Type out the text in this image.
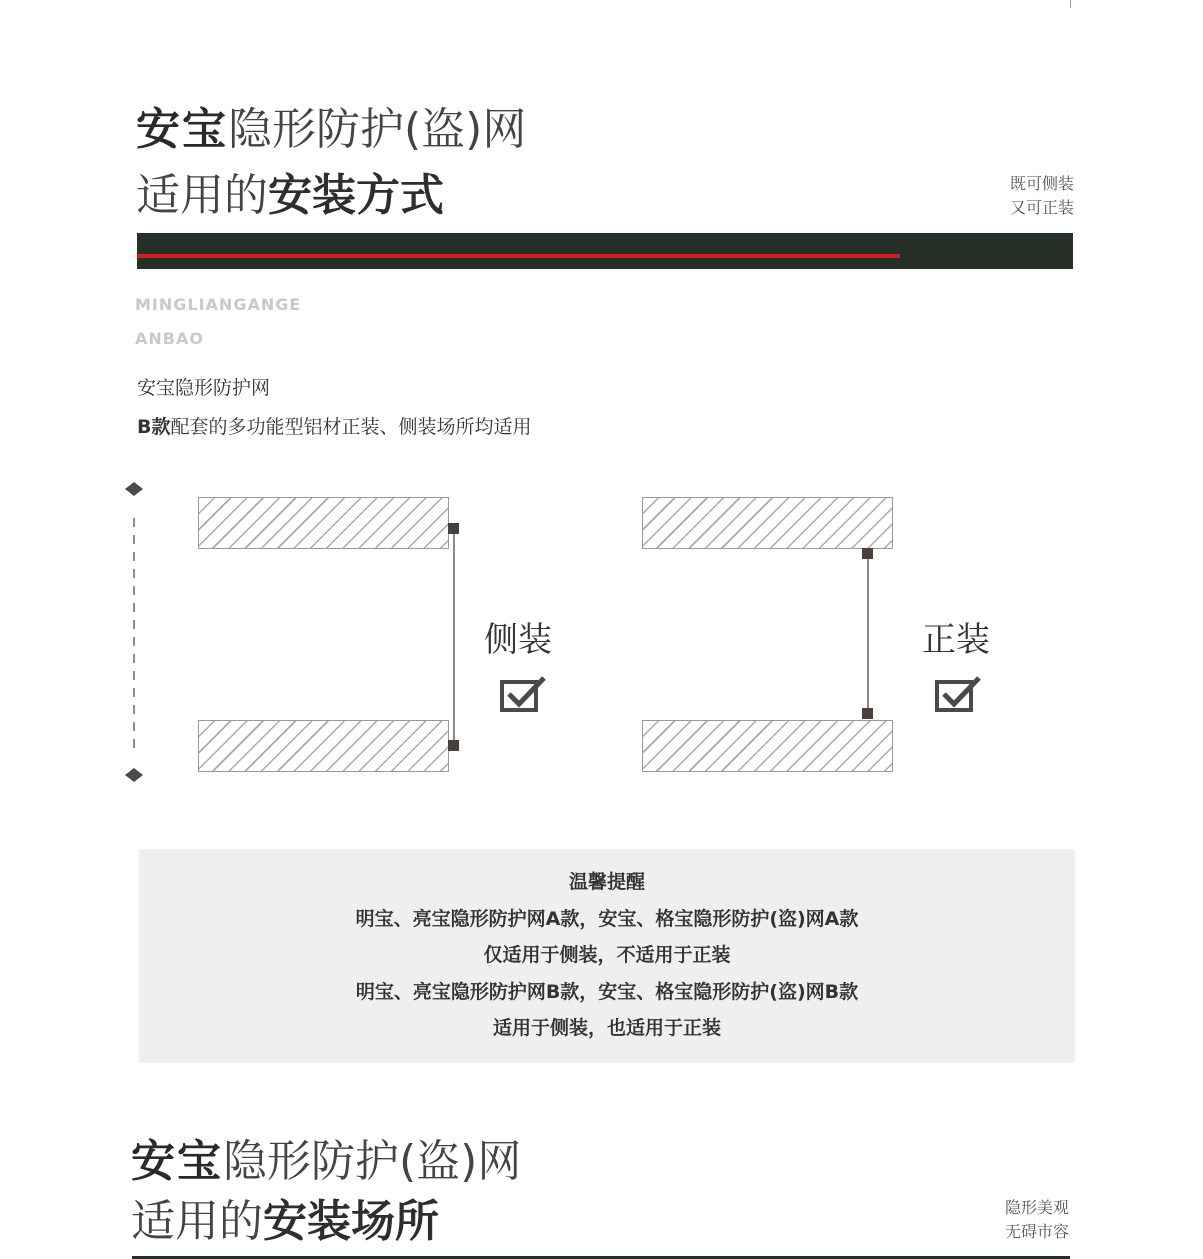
安宝隐形防护(盗)网
适用的安装方式	既可侧装
又可正装
MINGLIANGANGE
ANBAO
安宝隐形防护网
B款配套的多功能型铝材正装、侧装场所均适用
侧装	正装

温馨提醒

明宝、亮宝隐形防护网A款，安宝、格宝隐形防护(盗)网A款

仅适用于侧装，不适用于正装

明宝、亮宝隐形防护网B款，安宝、格宝隐形防护(盗)网B款

适用于侧装，也适用于正装

安宝隐形防护(盗)网
适用的安装场所	隐形美观
无碍市容
